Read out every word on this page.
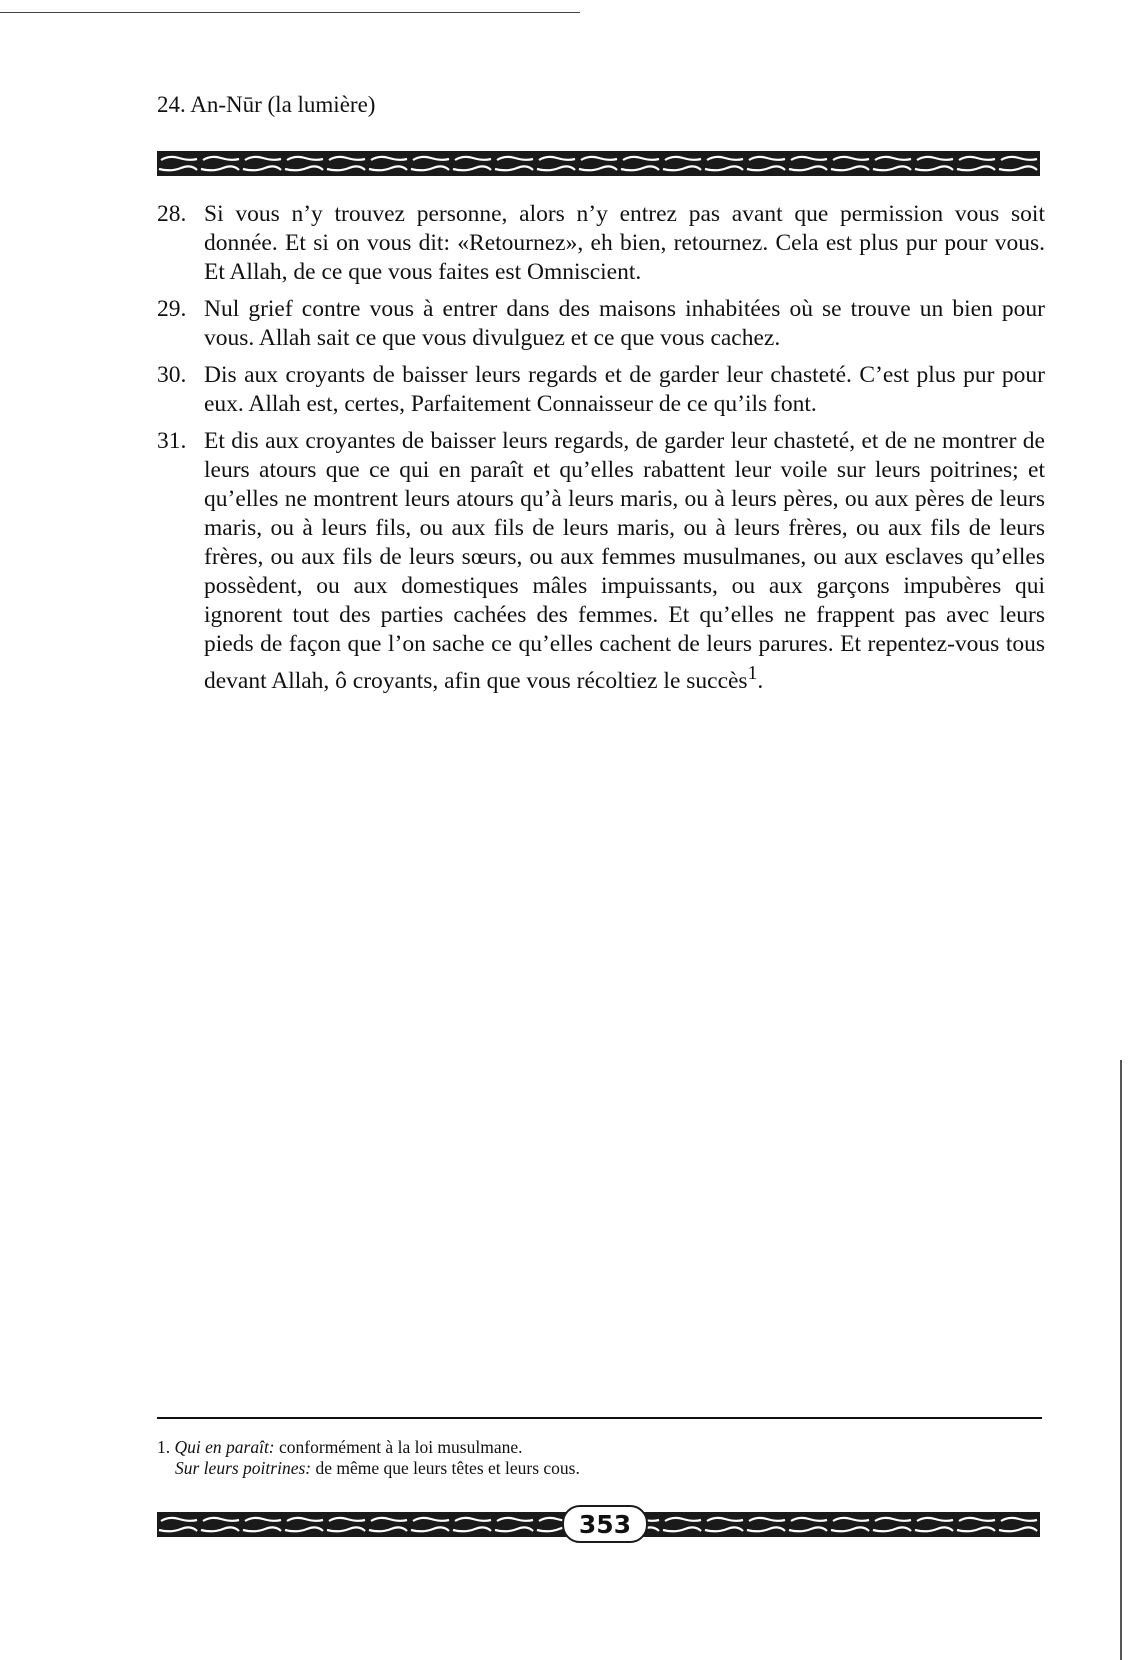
24. An-Nūr (la lumière)
28. Si vous n’y trouvez personne, alors n’y entrez pas avant que permission vous soit donnée. Et si on vous dit: «Retournez», eh bien, retournez. Cela est plus pur pour vous. Et Allah, de ce que vous faites est Omniscient.
29. Nul grief contre vous à entrer dans des maisons inhabitées où se trouve un bien pour vous. Allah sait ce que vous divulguez et ce que vous cachez.
30. Dis aux croyants de baisser leurs regards et de garder leur chasteté. C’est plus pur pour eux. Allah est, certes, Parfaitement Connaisseur de ce qu’ils font.
31. Et dis aux croyantes de baisser leurs regards, de garder leur chasteté, et de ne montrer de leurs atours que ce qui en paraît et qu’elles rabattent leur voile sur leurs poitrines; et qu’elles ne montrent leurs atours qu’à leurs maris, ou à leurs pères, ou aux pères de leurs maris, ou à leurs fils, ou aux fils de leurs maris, ou à leurs frères, ou aux fils de leurs frères, ou aux fils de leurs sœurs, ou aux femmes musulmanes, ou aux esclaves qu’elles possèdent, ou aux domestiques mâles impuissants, ou aux garçons impubères qui ignorent tout des parties cachées des femmes. Et qu’elles ne frappent pas avec leurs pieds de façon que l’on sache ce qu’elles cachent de leurs parures. Et repentez-vous tous devant Allah, ô croyants, afin que vous récoltiez le succès$^1$.
1. Qui en paraît: conformément à la loi musulmane.
Sur leurs poitrines: de même que leurs têtes et leurs cous.
353
